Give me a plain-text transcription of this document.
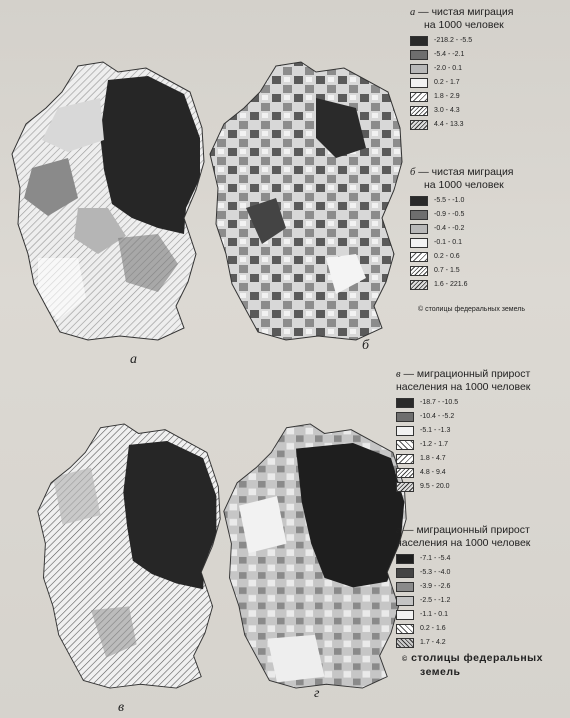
а
б
в
г
а — чистая миграция
на 1000 человек
-218.2 - -5.5
-5.4 - -2.1
-2.0 - 0.1
0.2 - 1.7
1.8 - 2.9
3.0 - 4.3
4.4 - 13.3
б — чистая миграция
на 1000 человек
-5.5 - -1.0
-0.9 - -0.5
-0.4 - -0.2
-0.1 - 0.1
0.2 - 0.6
0.7 - 1.5
1.6 - 221.6
© столицы федеральных земель
в — миграционный прирост
населения на 1000 человек
-18.7 - -10.5
-10.4 - -5.2
-5.1 - -1.3
-1.2 - 1.7
1.8 - 4.7
4.8 - 9.4
9.5 - 20.0
г — миграционный прирост
населения на 1000 человек
-7.1 - -5.4
-5.3 - -4.0
-3.9 - -2.6
-2.5 - -1.2
-1.1 - 0.1
0.2 - 1.6
1.7 - 4.2
© столицы федеральных
земель
